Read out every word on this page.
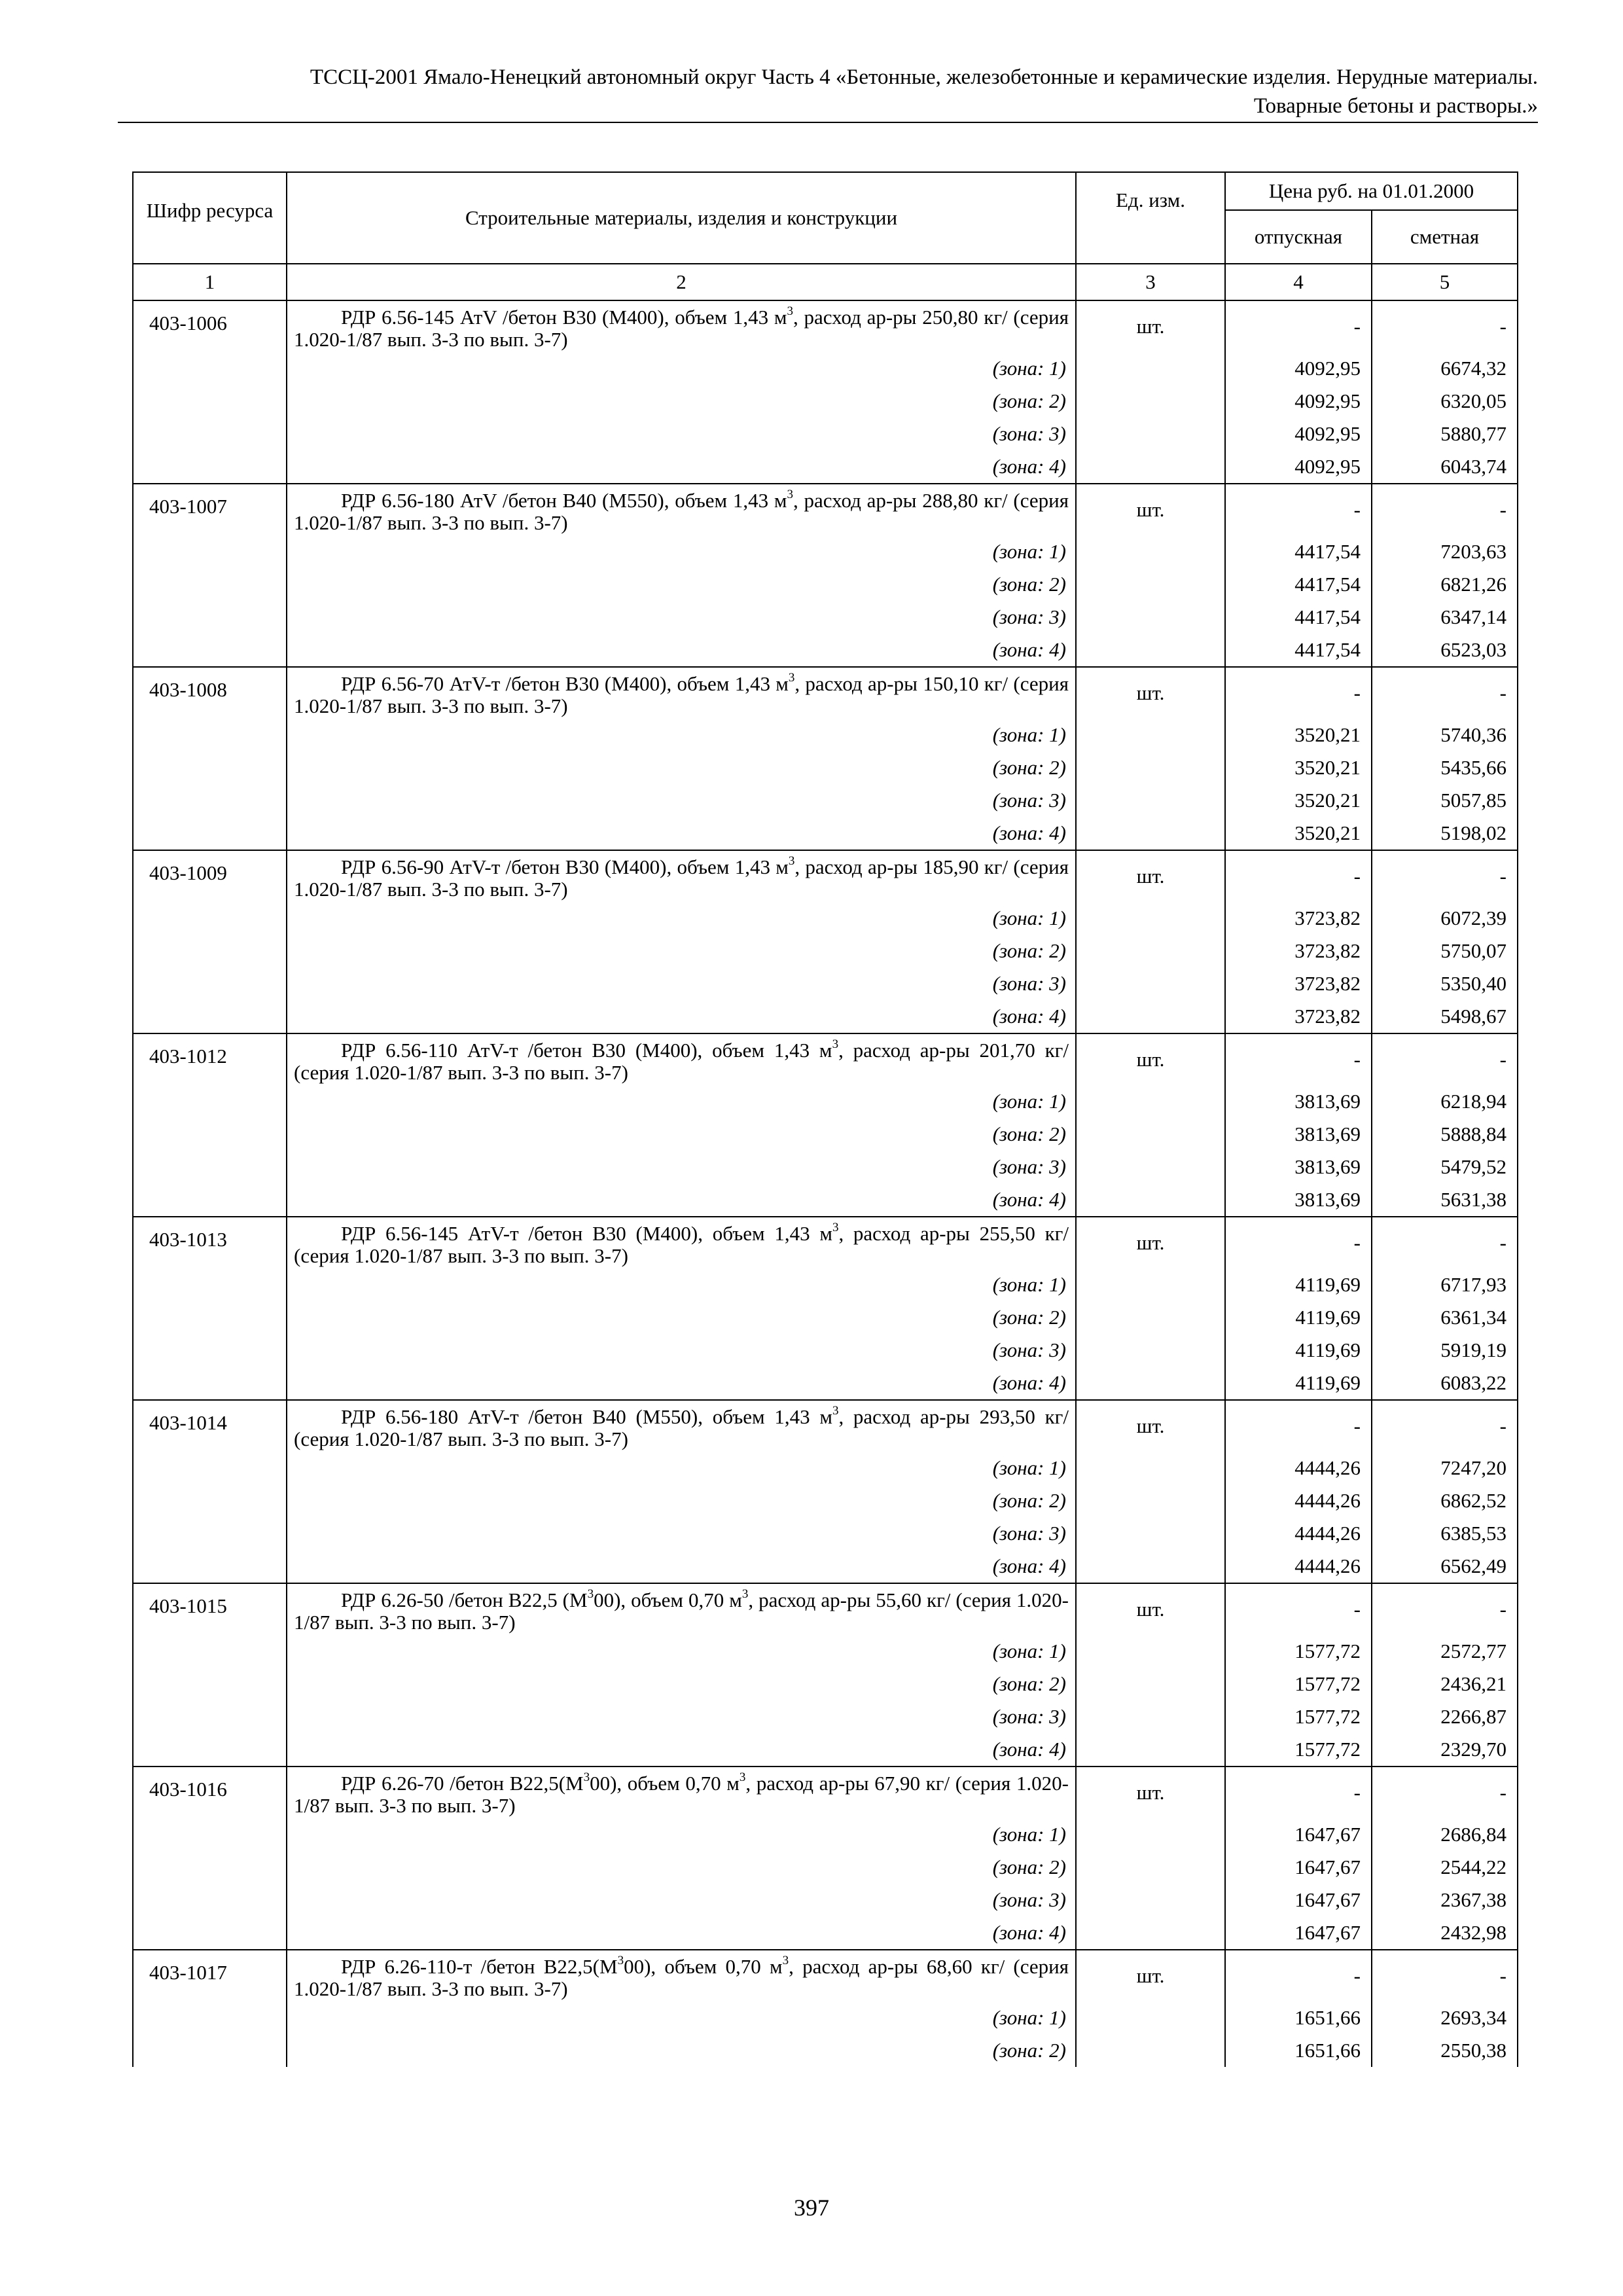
ТССЦ-2001 Ямало-Ненецкий автономный округ Часть 4 «Бетонные, железобетонные и керамические изделия. Нерудные материалы.
Товарные бетоны и растворы.»
Шифр ресурса	Строительные материалы, изделия и конструкции	Ед. изм.	Цена руб. на 01.01.2000	
			отпускная	сметная
1	2	3	4	5
403-1006	РДР 6.56-145 АтV /бетон В30 (М400), объем 1,43 $м^3$, расход ар-ры 250,80 кг/ (серия 1.020-1/87 вып. 3-3 по вып. 3-7)	шт.	-	-
	(зона: 1)		4092,95	6674,32
	(зона: 2)		4092,95	6320,05
	(зона: 3)		4092,95	5880,77
	(зона: 4)		4092,95	6043,74
403-1007	РДР 6.56-180 АтV /бетон В40 (М550), объем 1,43 $м^3$, расход ар-ры 288,80 кг/ (серия 1.020-1/87 вып. 3-3 по вып. 3-7)	шт.	-	-
	(зона: 1)		4417,54	7203,63
	(зона: 2)		4417,54	6821,26
	(зона: 3)		4417,54	6347,14
	(зона: 4)		4417,54	6523,03
403-1008	РДР 6.56-70 АтV-т /бетон В30 (М400), объем 1,43 $м^3$, расход ар-ры 150,10 кг/ (серия 1.020-1/87 вып. 3-3 по вып. 3-7)	шт.	-	-
	(зона: 1)		3520,21	5740,36
	(зона: 2)		3520,21	5435,66
	(зона: 3)		3520,21	5057,85
	(зона: 4)		3520,21	5198,02
403-1009	РДР 6.56-90 АтV-т /бетон В30 (М400), объем 1,43 $м^3$, расход ар-ры 185,90 кг/ (серия 1.020-1/87 вып. 3-3 по вып. 3-7)	шт.	-	-
	(зона: 1)		3723,82	6072,39
	(зона: 2)		3723,82	5750,07
	(зона: 3)		3723,82	5350,40
	(зона: 4)		3723,82	5498,67
403-1012	РДР 6.56-110 АтV-т /бетон В30 (М400), объем 1,43 $м^3$, расход ар-ры 201,70 кг/ (серия 1.020-1/87 вып. 3-3 по вып. 3-7)	шт.	-	-
	(зона: 1)		3813,69	6218,94
	(зона: 2)		3813,69	5888,84
	(зона: 3)		3813,69	5479,52
	(зона: 4)		3813,69	5631,38
403-1013	РДР 6.56-145 АтV-т /бетон В30 (М400), объем 1,43 $м^3$, расход ар-ры 255,50 кг/ (серия 1.020-1/87 вып. 3-3 по вып. 3-7)	шт.	-	-
	(зона: 1)		4119,69	6717,93
	(зона: 2)		4119,69	6361,34
	(зона: 3)		4119,69	5919,19
	(зона: 4)		4119,69	6083,22
403-1014	РДР 6.56-180 АтV-т /бетон В40 (М550), объем 1,43 $м^3$, расход ар-ры 293,50 кг/ (серия 1.020-1/87 вып. 3-3 по вып. 3-7)	шт.	-	-
	(зона: 1)		4444,26	7247,20
	(зона: 2)		4444,26	6862,52
	(зона: 3)		4444,26	6385,53
	(зона: 4)		4444,26	6562,49
403-1015	РДР 6.26-50 /бетон В22,5 $(М^300)$, объем 0,70 $м^3$, расход ар-ры 55,60 кг/ (серия 1.020-1/87 вып. 3-3 по вып. 3-7)	шт.	-	-
	(зона: 1)		1577,72	2572,77
	(зона: 2)		1577,72	2436,21
	(зона: 3)		1577,72	2266,87
	(зона: 4)		1577,72	2329,70
403-1016	РДР 6.26-70 /бетон $В22,5(М^300)$, объем 0,70 $м^3$, расход ар-ры 67,90 кг/ (серия 1.020-1/87 вып. 3-3 по вып. 3-7)	шт.	-	-
	(зона: 1)		1647,67	2686,84
	(зона: 2)		1647,67	2544,22
	(зона: 3)		1647,67	2367,38
	(зона: 4)		1647,67	2432,98
403-1017	РДР 6.26-110-т /бетон $В22,5(М^300)$, объем 0,70 $м^3$, расход ар-ры 68,60 кг/ (серия 1.020-1/87 вып. 3-3 по вып. 3-7)	шт.	-	-
	(зона: 1)		1651,66	2693,34
	(зона: 2)		1651,66	2550,38
397
